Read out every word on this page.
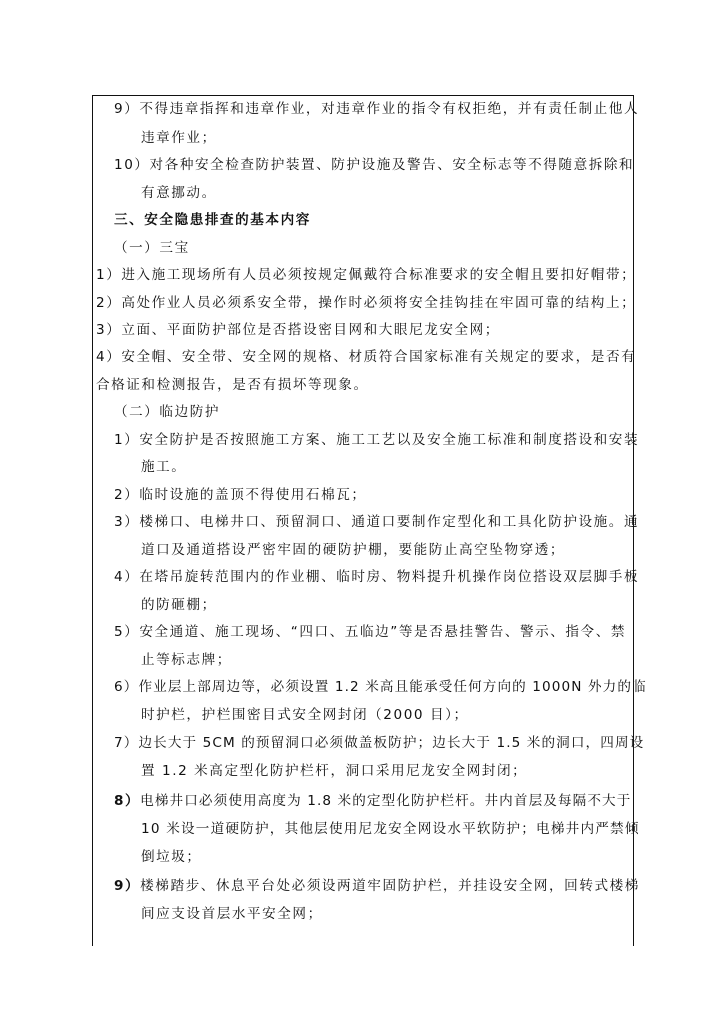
9）不得违章指挥和违章作业，对违章作业的指令有权拒绝，并有责任制止他人
违章作业；
10）对各种安全检查防护装置、防护设施及警告、安全标志等不得随意拆除和
有意挪动。
三、安全隐患排查的基本内容
（一）三宝
1）进入施工现场所有人员必须按规定佩戴符合标准要求的安全帽且要扣好帽带；
2）高处作业人员必须系安全带，操作时必须将安全挂钩挂在牢固可靠的结构上；
3）立面、平面防护部位是否搭设密目网和大眼尼龙安全网；
4）安全帽、安全带、安全网的规格、材质符合国家标准有关规定的要求，是否有
合格证和检测报告，是否有损坏等现象。
（二）临边防护
1）安全防护是否按照施工方案、施工工艺以及安全施工标准和制度搭设和安装
施工。
2）临时设施的盖顶不得使用石棉瓦；
3）楼梯口、电梯井口、预留洞口、通道口要制作定型化和工具化防护设施。通
道口及通道搭设严密牢固的硬防护棚，要能防止高空坠物穿透；
4）在塔吊旋转范围内的作业棚、临时房、物料提升机操作岗位搭设双层脚手板
的防砸棚；
5）安全通道、施工现场、“四口、五临边”等是否悬挂警告、警示、指令、禁
止等标志牌；
6）作业层上部周边等，必须设置 1.2 米高且能承受任何方向的 1000N 外力的临
时护栏，护栏围密目式安全网封闭（2000 目）；
7）边长大于 5CM 的预留洞口必须做盖板防护；边长大于 1.5 米的洞口，四周设
置 1.2 米高定型化防护栏杆，洞口采用尼龙安全网封闭；
8）电梯井口必须使用高度为 1.8 米的定型化防护栏杆。井内首层及每隔不大于
10 米设一道硬防护，其他层使用尼龙安全网设水平软防护；电梯井内严禁倾
倒垃圾；
9）楼梯踏步、休息平台处必须设两道牢固防护栏，并挂设安全网，回转式楼梯
间应支设首层水平安全网；
